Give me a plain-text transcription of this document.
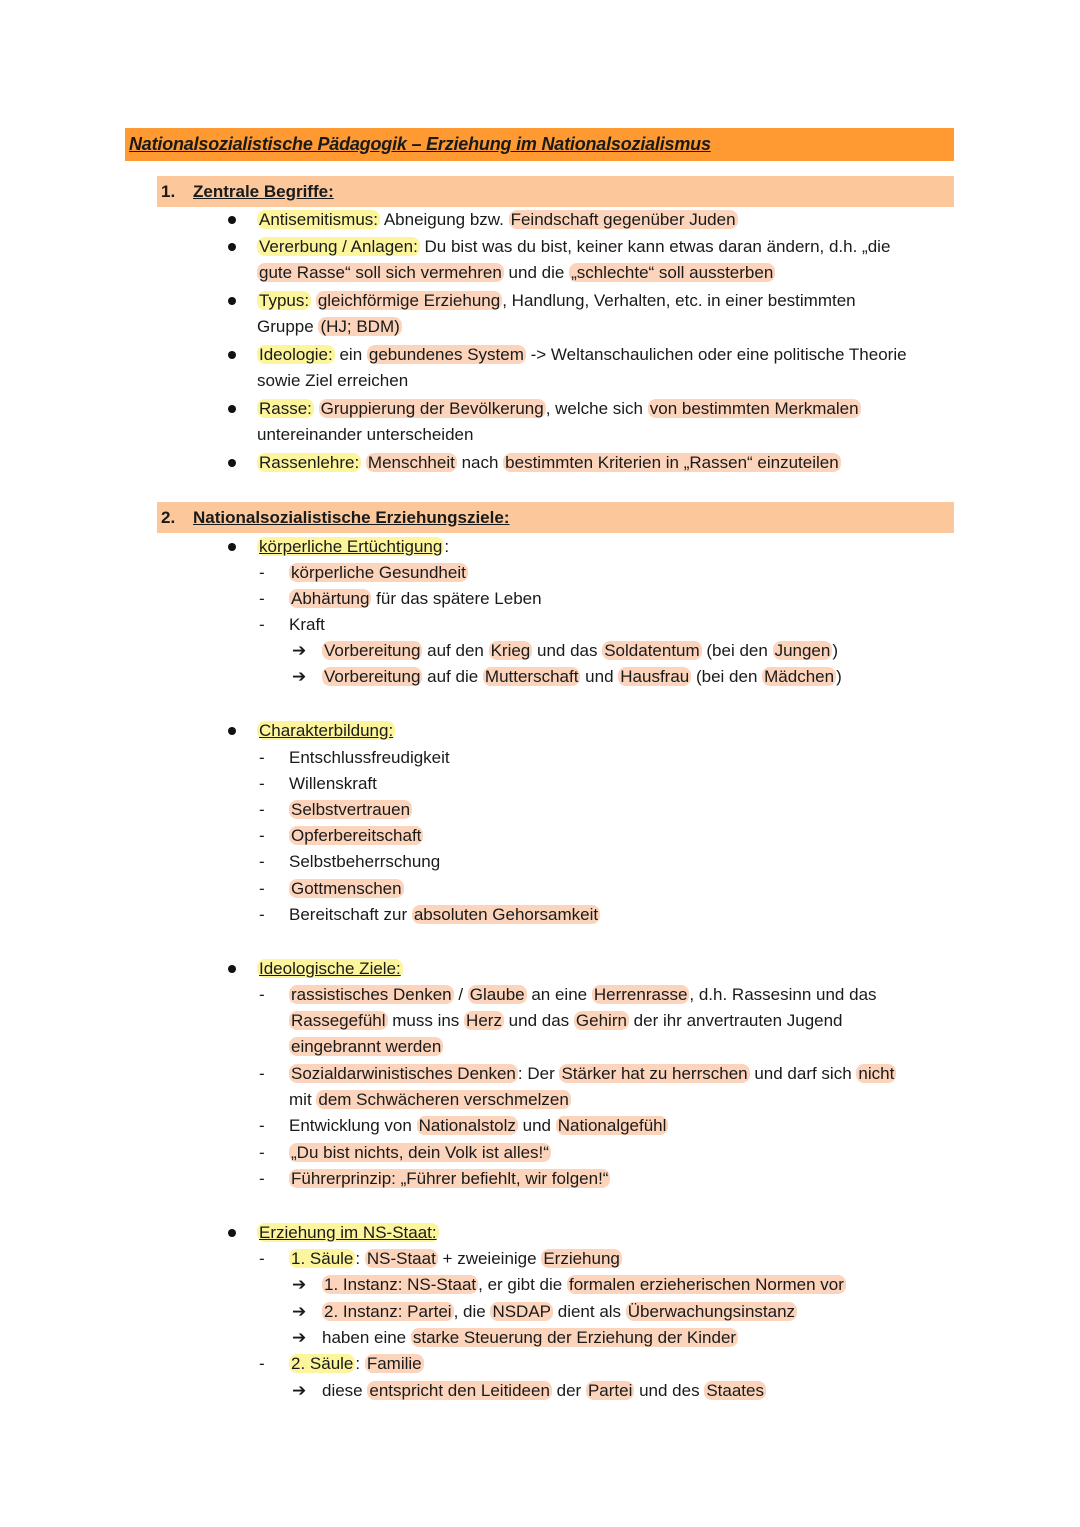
Nationalsozialistische Pädagogik – Erziehung im Nationalsozialismus
1.	Zentrale Begriffe:
Antisemitismus: Abneigung bzw. Feindschaft gegenüber Juden
Vererbung / Anlagen: Du bist was du bist, keiner kann etwas daran ändern, d.h. „die
gute Rasse“ soll sich vermehren und die „schlechte“ soll aussterben
Typus: gleichförmige Erziehung , Handlung, Verhalten, etc. in einer bestimmten
Gruppe (HJ; BDM)
Ideologie: ein gebundenes System -> Weltanschaulichen oder eine politische Theorie
sowie Ziel erreichen
Rasse: Gruppierung der Bevölkerung , welche sich von bestimmten Merkmalen
untereinander unterscheiden
Rassenlehre: Menschheit nach bestimmten Kriterien in „Rassen“ einzuteilen
2.	Nationalsozialistische Erziehungsziele:
körperliche Ertüchtigung :
- körperliche Gesundheit
- Abhärtung für das spätere Leben
- Kraft
➔ Vorbereitung auf den Krieg und das Soldatentum (bei den Jungen )
➔ Vorbereitung auf die Mutterschaft und Hausfrau (bei den Mädchen )
Charakterbildung:
- Entschlussfreudigkeit
- Willenskraft
- Selbstvertrauen
- Opferbereitschaft
- Selbstbeherrschung
- Gottmenschen
- Bereitschaft zur absoluten Gehorsamkeit
Ideologische Ziele:
- rassistisches Denken / Glaube an eine Herrenrasse , d.h. Rassesinn und das
Rassegefühl muss ins Herz und das Gehirn der ihr anvertrauten Jugend
eingebrannt werden
- Sozialdarwinistisches Denken : Der Stärker hat zu herrschen und darf sich nicht
mit dem Schwächeren verschmelzen
- Entwicklung von Nationalstolz und Nationalgefühl
- „Du bist nichts, dein Volk ist alles!“
- Führerprinzip: „Führer befiehlt, wir folgen!“
Erziehung im NS-Staat:
- 1. Säule : NS-Staat + zweieinige Erziehung
➔ 1. Instanz: NS-Staat , er gibt die formalen erzieherischen Normen vor
➔ 2. Instanz: Partei , die NSDAP dient als Überwachungsinstanz
➔ haben eine starke Steuerung der Erziehung der Kinder
- 2. Säule : Familie
➔ diese entspricht den Leitideen der Partei und des Staates
